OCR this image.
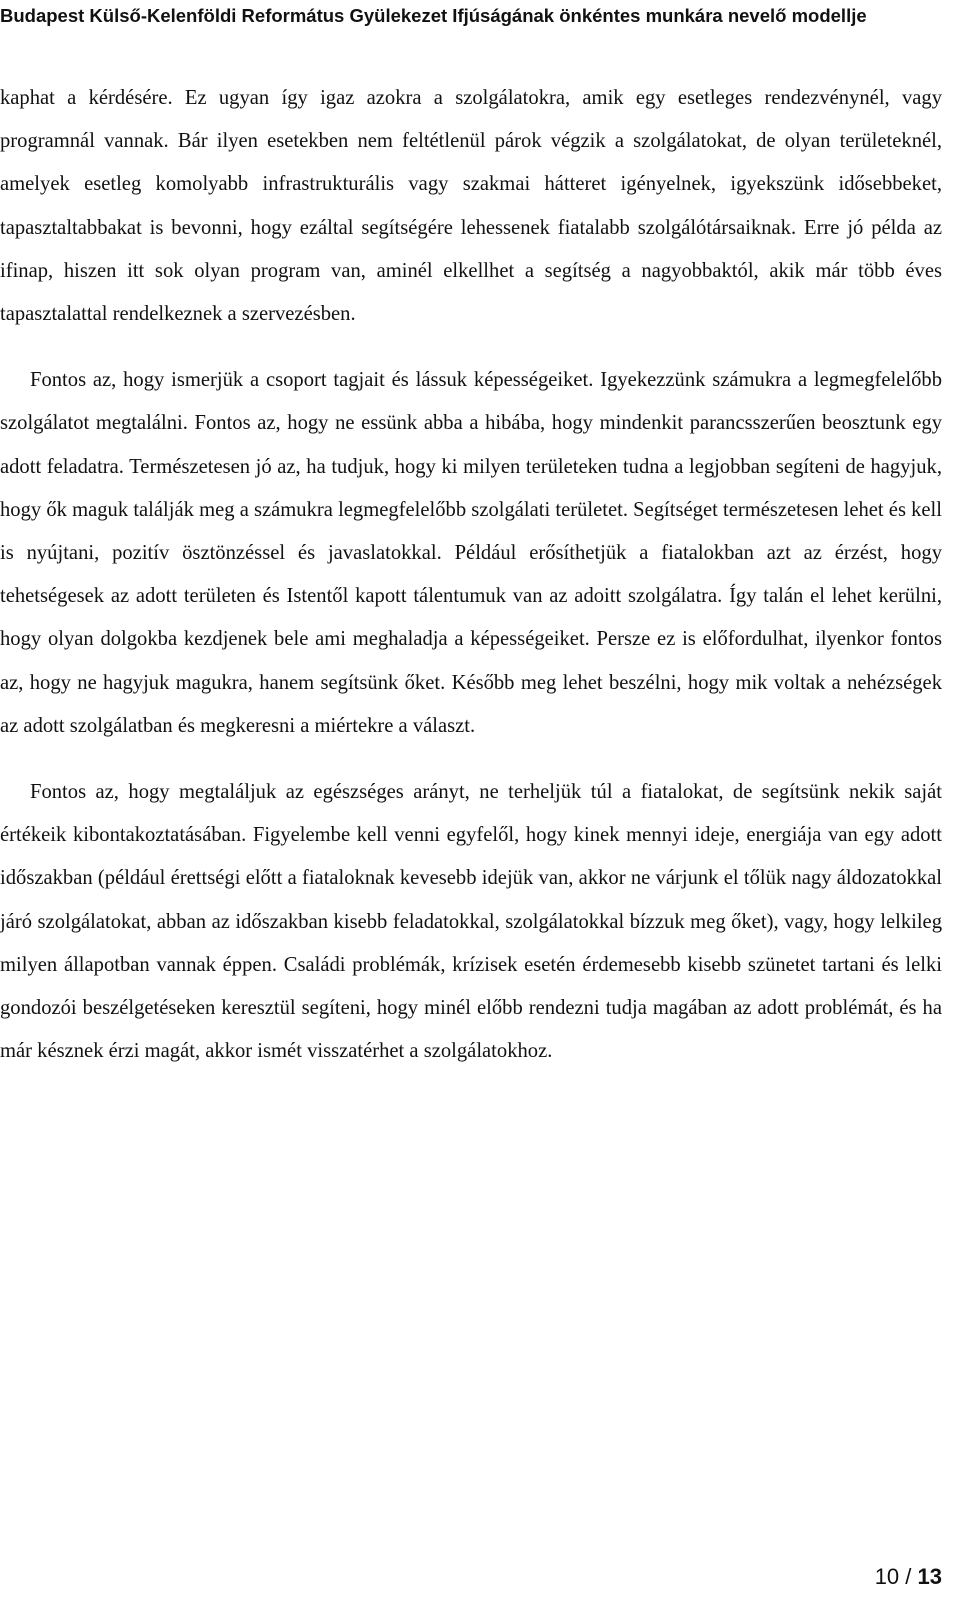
Budapest Külső-Kelenföldi Református Gyülekezet Ifjúságának önkéntes munkára nevelő modellje

kaphat a kérdésére. Ez ugyan így igaz azokra a szolgálatokra, amik egy esetleges rendezvénynél, vagy programnál vannak. Bár ilyen esetekben nem feltétlenül párok végzik a szolgálatokat, de olyan területeknél, amelyek esetleg komolyabb infrastrukturális vagy szakmai hátteret igényelnek, igyekszünk idősebbeket, tapasztaltabbakat is bevonni, hogy ezáltal segítségére lehessenek fiatalabb szolgálótársaiknak. Erre jó példa az ifinap, hiszen itt sok olyan program van, aminél elkellhet a segítség a nagyobbaktól, akik már több éves tapasztalattal rendelkeznek a szervezésben.

Fontos az, hogy ismerjük a csoport tagjait és lássuk képességeiket. Igyekezzünk számukra a legmegfelelőbb szolgálatot megtalálni. Fontos az, hogy ne essünk abba a hibába, hogy mindenkit parancsszerűen beosztunk egy adott feladatra. Természetesen jó az, ha tudjuk, hogy ki milyen területeken tudna a legjobban segíteni de hagyjuk, hogy ők maguk találják meg a számukra legmegfelelőbb szolgálati területet. Segítséget természetesen lehet és kell is nyújtani, pozitív ösztönzéssel és javaslatokkal. Például erősíthetjük a fiatalokban azt az érzést, hogy tehetségesek az adott területen és Istentől kapott tálentumuk van az adoitt szolgálatra. Így talán el lehet kerülni, hogy olyan dolgokba kezdjenek bele ami meghaladja a képességeiket. Persze ez is előfordulhat, ilyenkor fontos az, hogy ne hagyjuk magukra, hanem segítsünk őket. Később meg lehet beszélni, hogy mik voltak a nehézségek az adott szolgálatban és megkeresni a miértekre a választ.

Fontos az, hogy megtaláljuk az egészséges arányt, ne terheljük túl a fiatalokat, de segítsünk nekik saját értékeik kibontakoztatásában. Figyelembe kell venni egyfelől, hogy kinek mennyi ideje, energiája van egy adott időszakban (például érettségi előtt a fiataloknak kevesebb idejük van, akkor ne várjunk el tőlük nagy áldozatokkal járó szolgálatokat, abban az időszakban kisebb feladatokkal, szolgálatokkal bízzuk meg őket), vagy, hogy lelkileg milyen állapotban vannak éppen. Családi problémák, krízisek esetén érdemesebb kisebb szünetet tartani és lelki gondozói beszélgetéseken keresztül segíteni, hogy minél előbb rendezni tudja magában az adott problémát, és ha már késznek érzi magát, akkor ismét visszatérhet a szolgálatokhoz.

10 / 13
